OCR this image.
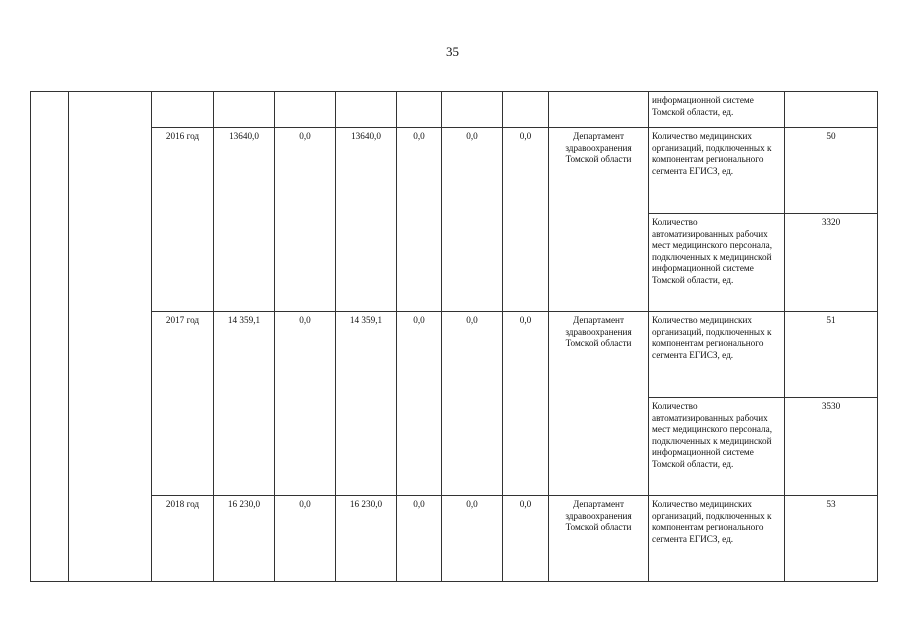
35
										информационной системе Томской области, ед.	
		2016 год	13640,0	0,0	13640,0	0,0	0,0	0,0	Департамент здравоохранения Томской области	Количество медицинских организаций, подключенных к компонентам регионального сегмента ЕГИСЗ, ед.	50
										Количество автоматизированных рабочих мест медицинского персонала, подключенных к медицинской информационной системе Томской области, ед.	3320
		2017 год	14 359,1	0,0	14 359,1	0,0	0,0	0,0	Департамент здравоохранения Томской области	Количество медицинских организаций, подключенных к компонентам регионального сегмента ЕГИСЗ, ед.	51
										Количество автоматизированных рабочих мест медицинского персонала, подключенных к медицинской информационной системе Томской области, ед.	3530
		2018 год	16 230,0	0,0	16 230,0	0,0	0,0	0,0	Департамент здравоохранения Томской области	Количество медицинских организаций, подключенных к компонентам регионального сегмента ЕГИСЗ, ед.	53
